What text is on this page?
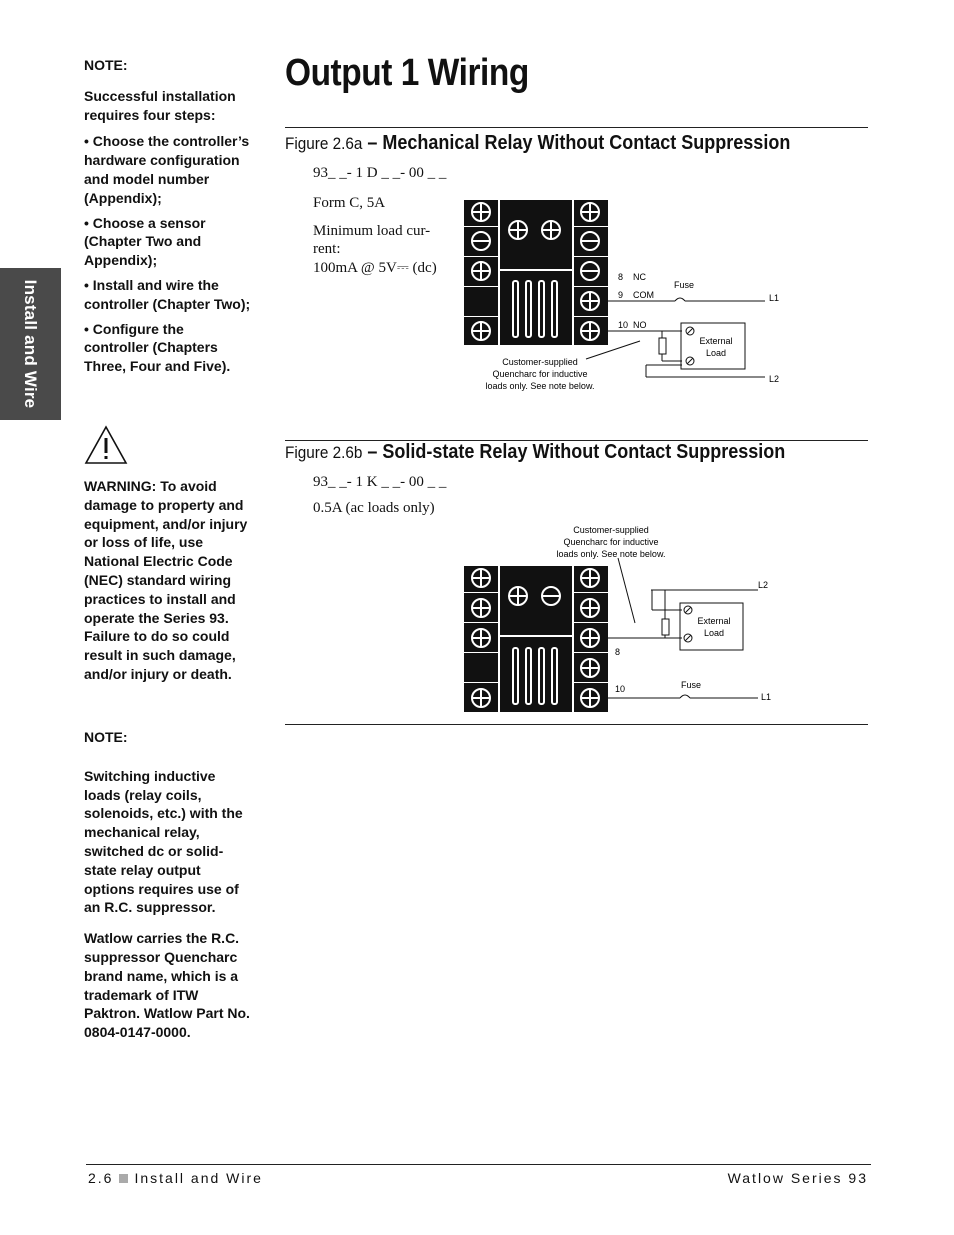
Install and Wire

NOTE:

Successful installation requires four steps:

• Choose the controller’s hardware configuration and model number (Appendix);

• Choose a sensor (Chapter Two and Appendix);

• Install and wire the controller (Chapter Two);

• Configure the controller (Chapters Three, Four and Five).

WARNING: To avoid damage to property and equipment, and/or injury or loss of life, use National Electric Code (NEC) standard wiring practices to install and operate the Series 93. Failure to do so could result in such damage, and/or injury or death.

NOTE:

Switching inductive loads (relay coils, solenoids, etc.) with the mechanical relay, switched dc or solid-state relay output options requires use of an R.C. suppressor.

Watlow carries the R.C. suppressor Quencharc brand name, which is a trademark of ITW Paktron. Watlow Part No. 0804-0147-0000.

Output 1 Wiring
Figure 2.6a – Mechanical Relay Without Contact Suppression
93_ _- 1 D _ _- 00 _ _
Form C, 5A
Minimum load cur-
rent:
100mA @ 5V⎓ (dc)
8 NC
9 COM
10 NO
Fuse
L1
L2
External
Load
Customer-supplied
Quencharc for inductive
loads only. See note below.
Figure 2.6b – Solid-state Relay Without Contact Suppression
93_ _- 1 K _ _- 00 _ _
0.5A (ac loads only)
Customer-supplied
Quencharc for inductive
loads only. See note below.
8
10
L2
L1
Fuse
External
Load
2.6 Install and Wire	Watlow Series 93
